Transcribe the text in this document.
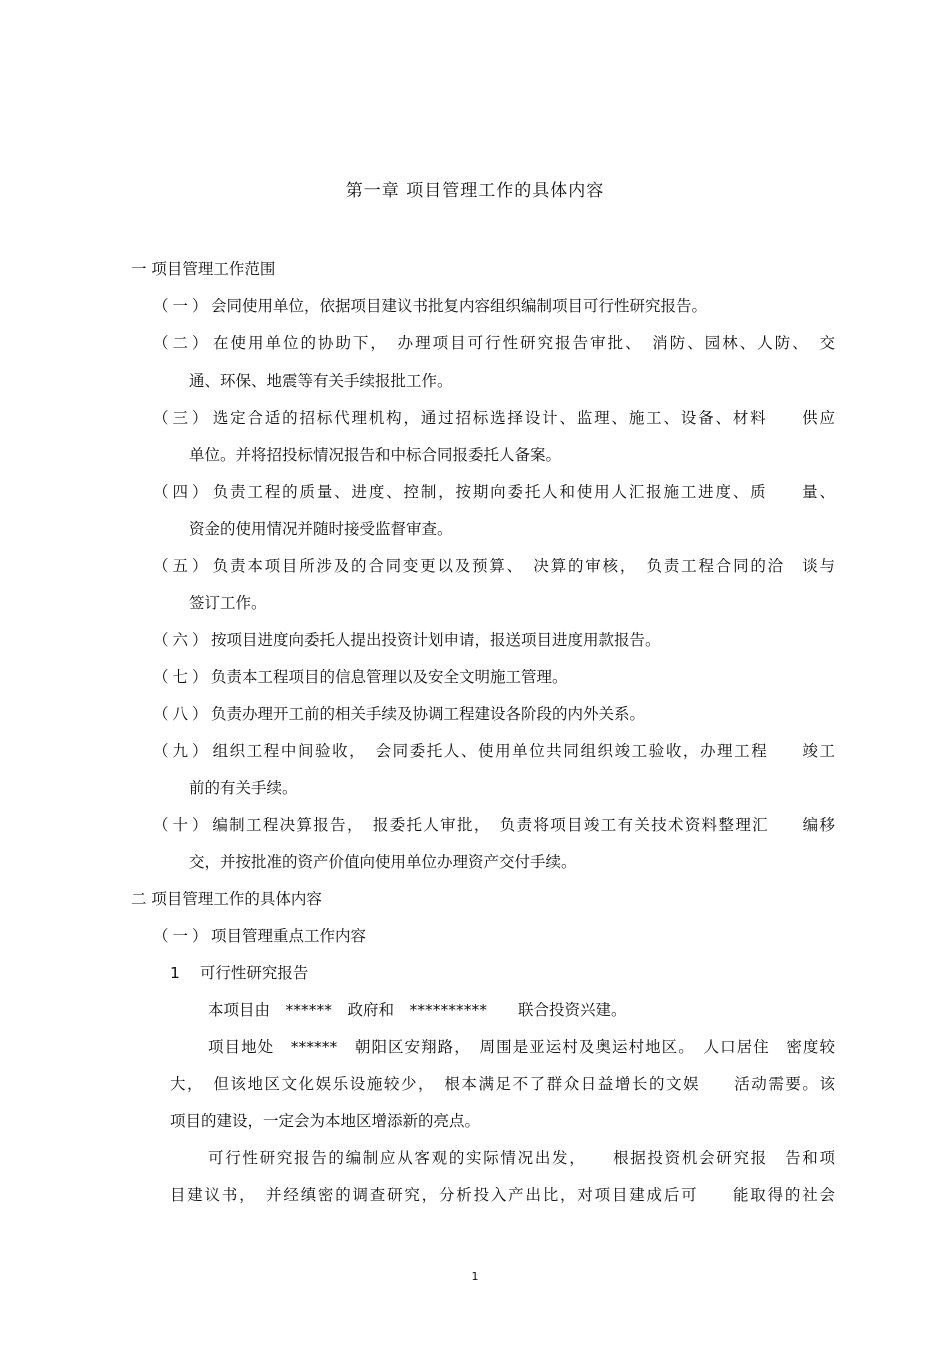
第一章 项目管理工作的具体内容
一 项目管理工作范围
（一）会同使用单位，依据项目建议书批复内容组织编制项目可行性研究报告。
（二）在使用单位的协助下，　办理项目可行性研究报告审批、　消防、园林、人防、　交
通、环保、地震等有关手续报批工作。
（三）选定合适的招标代理机构，通过招标选择设计、监理、施工、设备、材料　　供应
单位。并将招投标情况报告和中标合同报委托人备案。
（四）负责工程的质量、进度、控制，按期向委托人和使用人汇报施工进度、质　　量、
资金的使用情况并随时接受监督审查。
（五）负责本项目所涉及的合同变更以及预算、　决算的审核，　负责工程合同的洽　谈与
签订工作。
（六）按项目进度向委托人提出投资计划申请，报送项目进度用款报告。
（七）负责本工程项目的信息管理以及安全文明施工管理。
（八）负责办理开工前的相关手续及协调工程建设各阶段的内外关系。
（九）组织工程中间验收，　会同委托人、使用单位共同组织竣工验收，办理工程　　竣工
前的有关手续。
（十）编制工程决算报告，　报委托人审批，　负责将项目竣工有关技术资料整理汇　　编移
交，并按批准的资产价值向使用单位办理资产交付手续。
二 项目管理工作的具体内容
（一）项目管理重点工作内容
1 可行性研究报告
本项目由　******　政府和　**********　　联合投资兴建。
项目地处　******　朝阳区安翔路，　周围是亚运村及奥运村地区。　人口居住　密度较
大，　但该地区文化娱乐设施较少，　根本满足不了群众日益增长的文娱　　活动需要。该
项目的建设，一定会为本地区增添新的亮点。
可行性研究报告的编制应从客观的实际情况出发，　　根据投资机会研究报　告和项
目建议书，　并经缜密的调查研究，分析投入产出比，对项目建成后可　　能取得的社会
1
